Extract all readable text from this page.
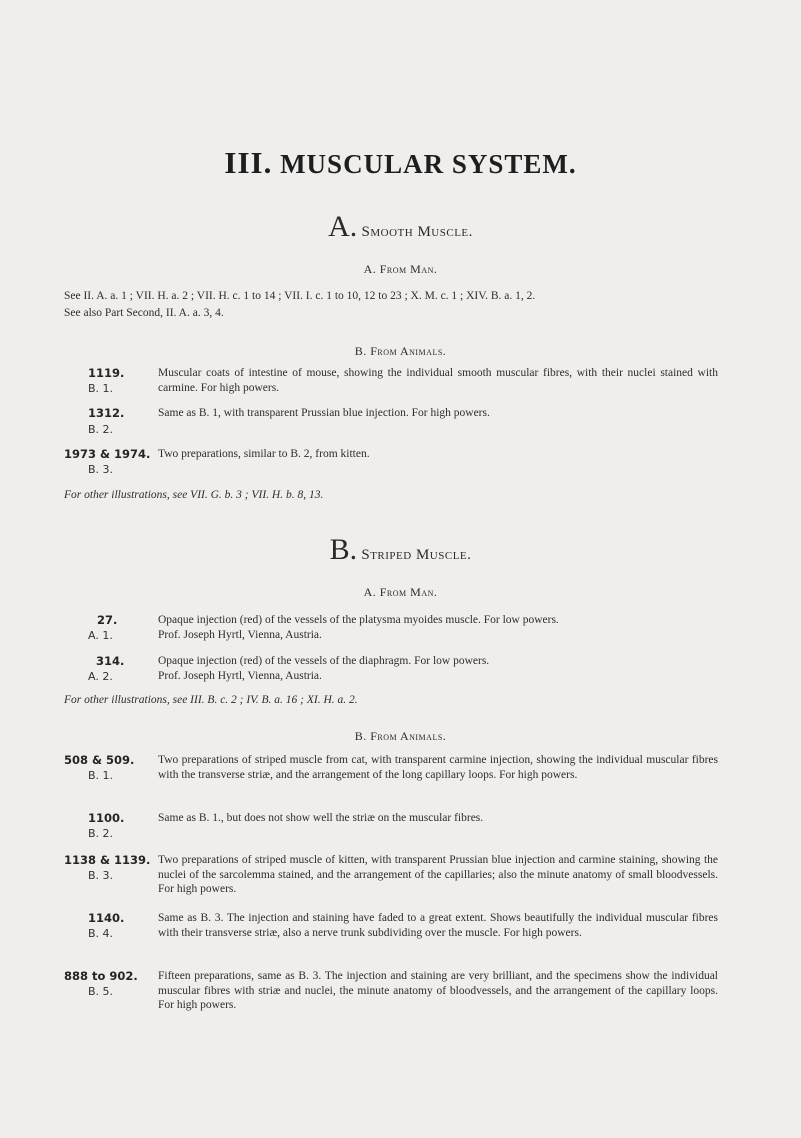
III. MUSCULAR SYSTEM.
A. Smooth Muscle.
A. From Man.
See II. A. a. 1 ; VII. H. a. 2 ; VII. H. c. 1 to 14 ; VII. I. c. 1 to 10, 12 to 23 ; X. M. c. 1 ; XIV. B. a. 1, 2.
See also Part Second, II. A. a. 3, 4.
B. From Animals.
1119.
B. 1.
Muscular coats of intestine of mouse, showing the individual smooth muscular fibres, with their nuclei stained with carmine. For high powers.
1312.
B. 2.
Same as B. 1, with transparent Prussian blue injection. For high powers.
1973 & 1974.
B. 3.
Two preparations, similar to B. 2, from kitten.
For other illustrations, see VII. G. b. 3 ; VII. H. b. 8, 13.
B. Striped Muscle.
A. From Man.
27.
A. 1.
Opaque injection (red) of the vessels of the platysma myoides muscle. For low powers.
Prof. Joseph Hyrtl, Vienna, Austria.
314.
A. 2.
Opaque injection (red) of the vessels of the diaphragm. For low powers.
Prof. Joseph Hyrtl, Vienna, Austria.
For other illustrations, see III. B. c. 2 ; IV. B. a. 16 ; XI. H. a. 2.
B. From Animals.
508 & 509.
B. 1.
Two preparations of striped muscle from cat, with transparent carmine injection, showing the individual muscular fibres with the transverse striæ, and the arrangement of the long capillary loops. For high powers.
1100.
B. 2.
Same as B. 1., but does not show well the striæ on the muscular fibres.
1138 & 1139.
B. 3.
Two preparations of striped muscle of kitten, with transparent Prussian blue injection and carmine staining, showing the nuclei of the sarcolemma stained, and the arrangement of the capillaries; also the minute anatomy of small bloodvessels. For high powers.
1140.
B. 4.
Same as B. 3. The injection and staining have faded to a great extent. Shows beautifully the individual muscular fibres with their transverse striæ, also a nerve trunk subdividing over the muscle. For high powers.
888 to 902.
B. 5.
Fifteen preparations, same as B. 3. The injection and staining are very brilliant, and the specimens show the individual muscular fibres with striæ and nuclei, the minute anatomy of bloodvessels, and the arrangement of the capillary loops. For high powers.
